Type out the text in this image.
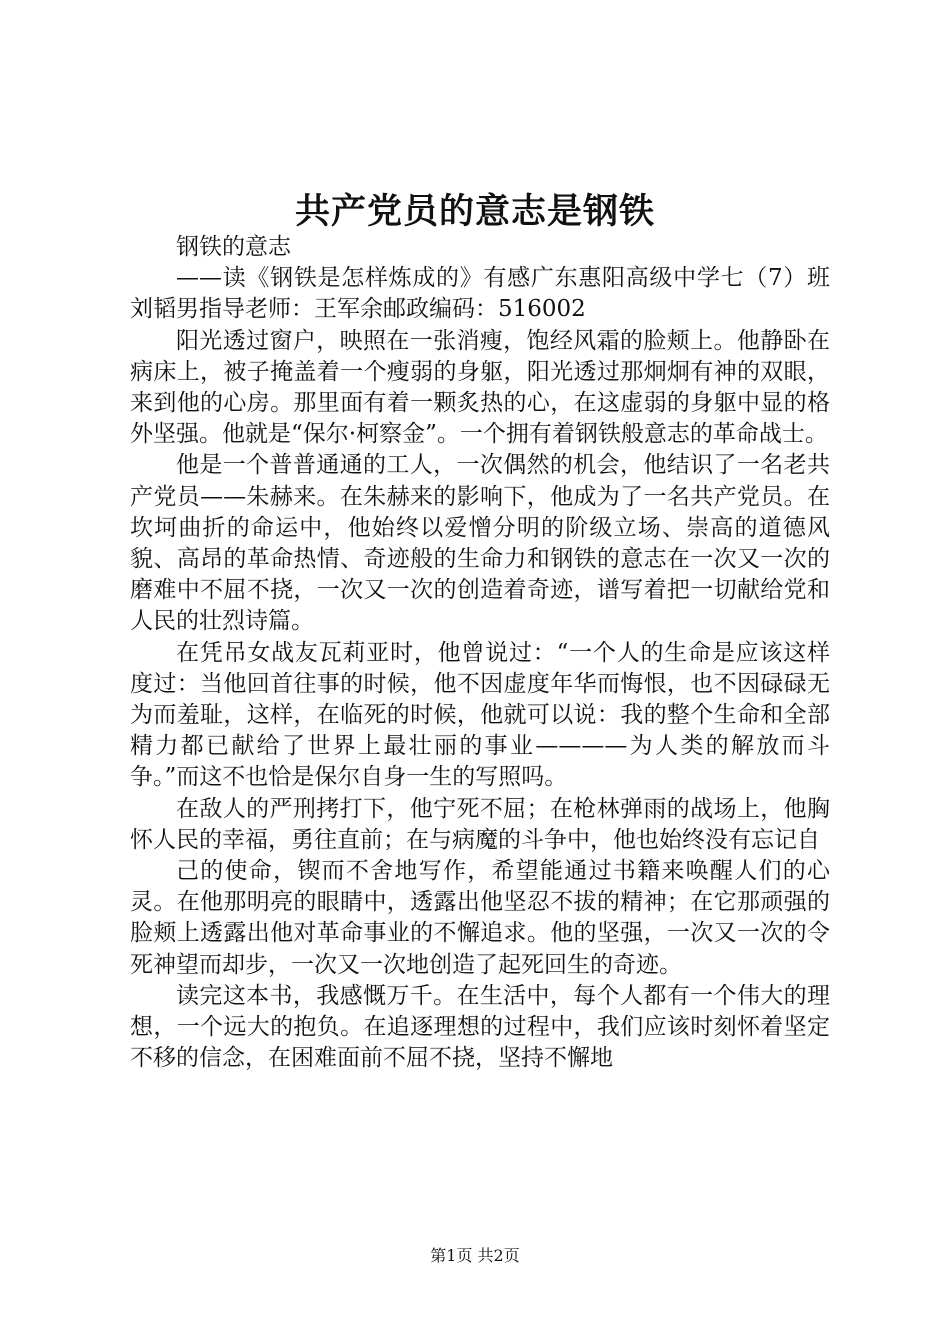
共产党员的意志是钢铁

钢铁的意志

——读《钢铁是怎样炼成的》有感广东惠阳高级中学七（7）班刘韬男指导老师：王军余邮政编码：516002

阳光透过窗户，映照在一张消瘦，饱经风霜的脸颊上。他静卧在病床上，被子掩盖着一个瘦弱的身躯，阳光透过那炯炯有神的双眼，来到他的心房。那里面有着一颗炙热的心，在这虚弱的身躯中显的格外坚强。他就是“保尔·柯察金”。一个拥有着钢铁般意志的革命战士。

他是一个普普通通的工人，一次偶然的机会，他结识了一名老共产党员——朱赫来。在朱赫来的影响下，他成为了一名共产党员。在坎坷曲折的命运中，他始终以爱憎分明的阶级立场、崇高的道德风貌、高昂的革命热情、奇迹般的生命力和钢铁的意志在一次又一次的磨难中不屈不挠，一次又一次的创造着奇迹，谱写着把一切献给党和人民的壮烈诗篇。

在凭吊女战友瓦莉亚时，他曾说过：“一个人的生命是应该这样度过：当他回首往事的时候，他不因虚度年华而悔恨，也不因碌碌无为而羞耻，这样，在临死的时候，他就可以说：我的整个生命和全部精力都已献给了世界上最壮丽的事业————为人类的解放而斗争。”而这不也恰是保尔自身一生的写照吗。

在敌人的严刑拷打下，他宁死不屈；在枪林弹雨的战场上，他胸怀人民的幸福，勇往直前；在与病魔的斗争中，他也始终没有忘记自

己的使命，锲而不舍地写作，希望能通过书籍来唤醒人们的心灵。在他那明亮的眼睛中，透露出他坚忍不拔的精神；在它那顽强的脸颊上透露出他对革命事业的不懈追求。他的坚强，一次又一次的令死神望而却步，一次又一次地创造了起死回生的奇迹。

读完这本书，我感慨万千。在生活中，每个人都有一个伟大的理想，一个远大的抱负。在追逐理想的过程中，我们应该时刻怀着坚定不移的信念，在困难面前不屈不挠，坚持不懈地

第1页 共2页
